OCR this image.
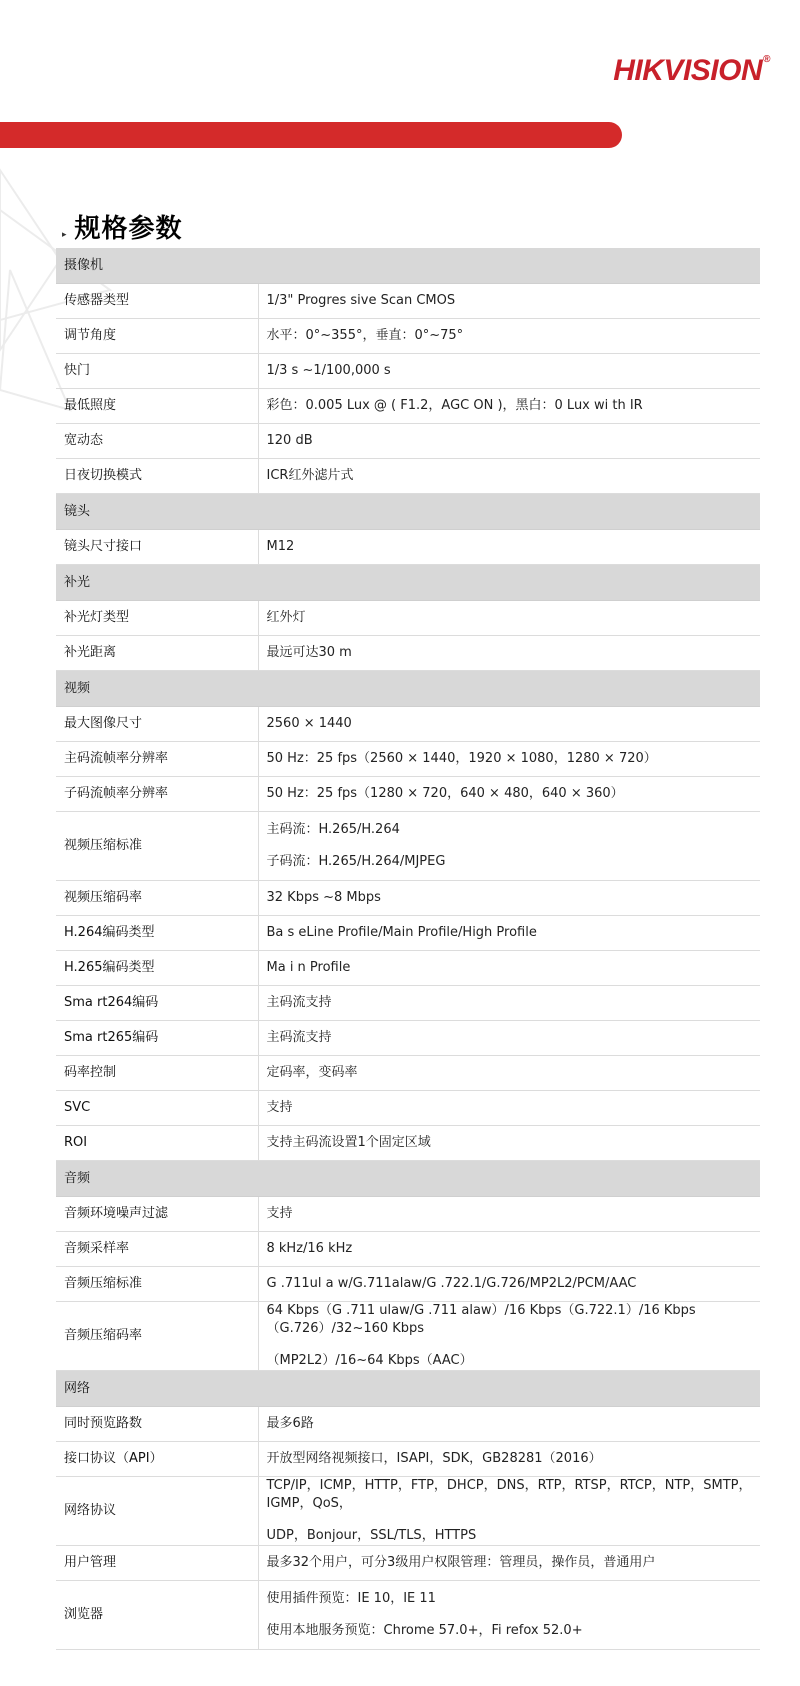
HIKVISION®
▸ 规格参数
摄像机	
传感器类型	1/3" Progres sive Scan CMOS
调节角度	水平：0°~355°，垂直：0°~75°
快门	1/3 s ~1/100,000 s
最低照度	彩色：0.005 Lux @ ( F1.2，AGC ON )，黑白：0 Lux wi th IR
宽动态	120 dB
日夜切换模式	ICR红外滤片式
镜头	
镜头尺寸接口	M12
补光	
补光灯类型	红外灯
补光距离	最远可达30 m
视频	
最大图像尺寸	2560 × 1440
主码流帧率分辨率	50 Hz：25 fps（2560 × 1440，1920 × 1080，1280 × 720）
子码流帧率分辨率	50 Hz：25 fps（1280 × 720，640 × 480，640 × 360）
视频压缩标准	主码流：H.265/H.264
子码流：H.265/H.264/MJPEG

视频压缩码率	32 Kbps ~8 Mbps
H.264编码类型	Ba s eLine Profile/Main Profile/High Profile
H.265编码类型	Ma i n Profile
Sma rt264编码	主码流支持
Sma rt265编码	主码流支持
码率控制	定码率，变码率
SVC	支持
ROI	支持主码流设置1个固定区域
音频	
音频环境噪声过滤	支持
音频采样率	8 kHz/16 kHz
音频压缩标准	G .711ul a w/G.711alaw/G .722.1/G.726/MP2L2/PCM/AAC
音频压缩码率	64 Kbps（G .711 ulaw/G .711 alaw）/16 Kbps（G.722.1）/16 Kbps（G.726）/32~160 Kbps
（MP2L2）/16~64 Kbps（AAC）

网络	
同时预览路数	最多6路
接口协议（API）	开放型网络视频接口，ISAPI，SDK，GB28281（2016）
网络协议	TCP/IP，ICMP，HTTP，FTP，DHCP，DNS，RTP，RTSP，RTCP，NTP，SMTP，IGMP，QoS，
UDP，Bonjour，SSL/TLS，HTTPS

用户管理	最多32个用户，可分3级用户权限管理：管理员，操作员，普通用户
浏览器	使用插件预览：IE 10，IE 11
使用本地服务预览：Chrome 57.0+，Fi refox 52.0+
